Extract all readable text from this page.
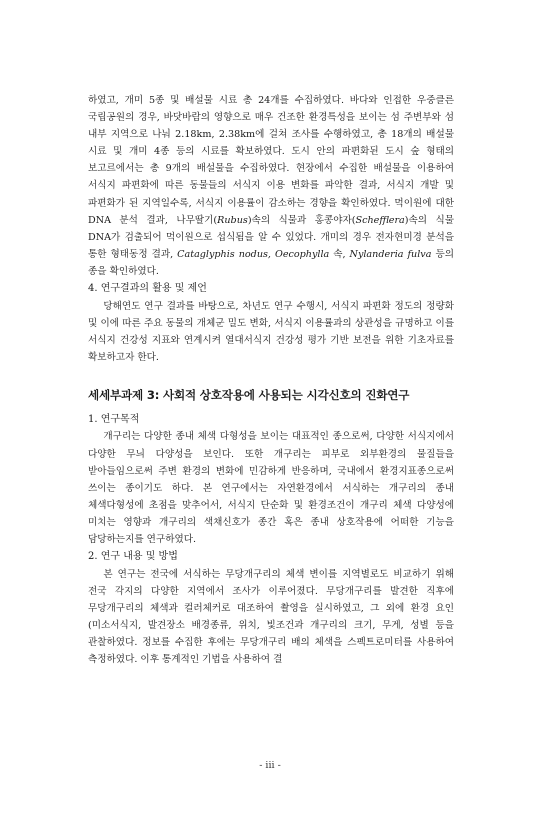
하였고, 개미 5종 및 배설물 시료 총 24개를 수집하였다. 바다와 인접한 우중클른 국립공원의 경우, 바닷바람의 영향으로 매우 건조한 환경특성을 보이는 섬 주변부와 섬 내부 지역으로 나눠 2.18km, 2.38km에 걸쳐 조사를 수행하였고, 총 18개의 배설물 시료 및 개미 4종 등의 시료를 확보하였다. 도시 안의 파편화된 도시 숲 형태의 보고르에서는 총 9개의 배설물을 수집하였다. 현장에서 수집한 배설물을 이용하여 서식지 파편화에 따른 동물들의 서식지 이용 변화를 파악한 결과, 서식지 개발 및 파편화가 된 지역일수록, 서식지 이용률이 감소하는 경향을 확인하였다. 먹이원에 대한 DNA 분석 결과, 나무딸기(Rubus)속의 식물과 홍콩야자(Schefflera)속의 식물 DNA가 검출되어 먹이원으로 섭식됨을 알 수 있었다. 개미의 경우 전자현미경 분석을 통한 형태동정 결과, Cataglyphis nodus, Oecophylla 속, Nylanderia fulva 등의 종을 확인하였다.

4. 연구결과의 활용 및 제언

당해연도 연구 결과를 바탕으로, 차년도 연구 수행시, 서식지 파편화 정도의 정량화 및 이에 따른 주요 동물의 개체군 밀도 변화, 서식지 이용률과의 상관성을 규명하고 이를 서식지 건강성 지표와 연계시켜 열대서식지 건강성 평가 기반 보전을 위한 기초자료를 확보하고자 한다.

세세부과제 3: 사회적 상호작용에 사용되는 시각신호의 진화연구
1. 연구목적

개구리는 다양한 종내 체색 다형성을 보이는 대표적인 종으로써, 다양한 서식지에서 다양한 무늬 다양성을 보인다. 또한 개구리는 피부로 외부환경의 물질들을 받아들임으로써 주변 환경의 변화에 민감하게 반응하며, 국내에서 환경지표종으로써 쓰이는 종이기도 하다. 본 연구에서는 자연환경에서 서식하는 개구리의 종내 체색다형성에 초점을 맞추어서, 서식지 단순화 및 환경조건이 개구리 체색 다양성에 미치는 영향과 개구리의 색채신호가 종간 혹은 종내 상호작용에 어떠한 기능을 담당하는지를 연구하였다.

2. 연구 내용 및 방법

본 연구는 전국에 서식하는 무당개구리의 체색 변이를 지역별로도 비교하기 위해 전국 각지의 다양한 지역에서 조사가 이루어졌다. 무당개구리를 발견한 직후에 무당개구리의 체색과 컬러체커로 대조하여 촬영을 실시하였고, 그 외에 환경 요인(미소서식지, 발견장소 배경종류, 위치, 빛조건과 개구리의 크기, 무게, 성별 등을 관찰하였다. 정보를 수집한 후에는 무당개구리 배의 체색을 스펙트로미터를 사용하여 측정하였다. 이후 통계적인 기법을 사용하여 결

- iii -
